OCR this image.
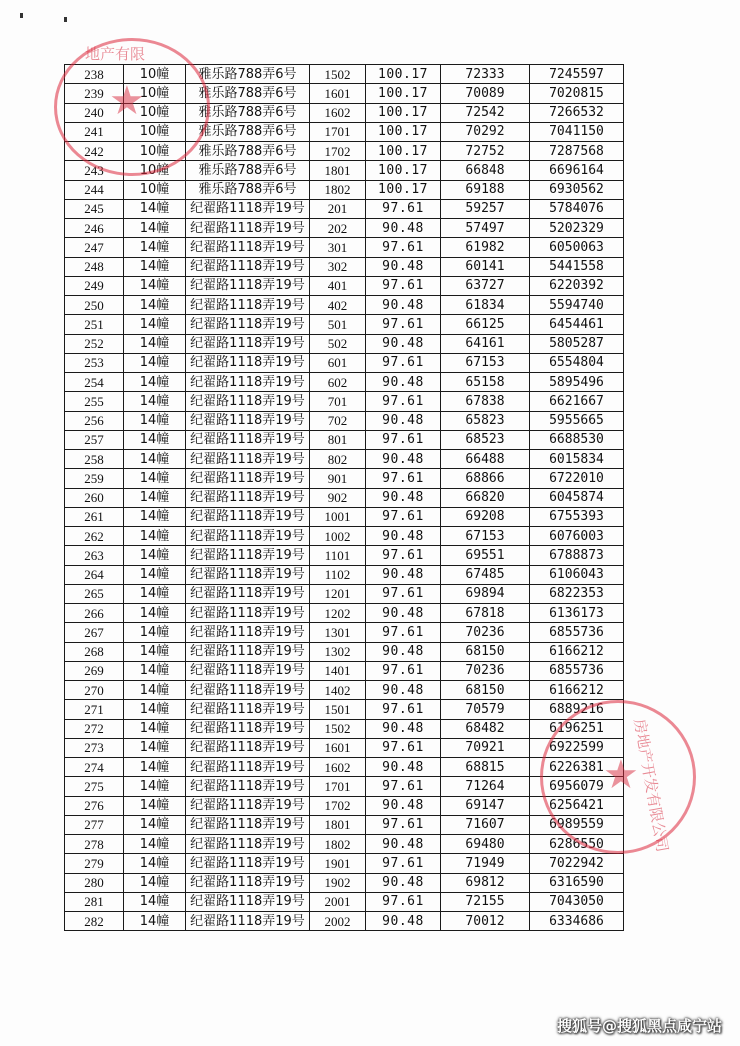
238	10幢	雅乐路788弄6号	1502	100.17	72333	7245597
239	10幢	雅乐路788弄6号	1601	100.17	70089	7020815
240	10幢	雅乐路788弄6号	1602	100.17	72542	7266532
241	10幢	雅乐路788弄6号	1701	100.17	70292	7041150
242	10幢	雅乐路788弄6号	1702	100.17	72752	7287568
243	10幢	雅乐路788弄6号	1801	100.17	66848	6696164
244	10幢	雅乐路788弄6号	1802	100.17	69188	6930562
245	14幢	纪翟路1118弄19号	201	97.61	59257	5784076
246	14幢	纪翟路1118弄19号	202	90.48	57497	5202329
247	14幢	纪翟路1118弄19号	301	97.61	61982	6050063
248	14幢	纪翟路1118弄19号	302	90.48	60141	5441558
249	14幢	纪翟路1118弄19号	401	97.61	63727	6220392
250	14幢	纪翟路1118弄19号	402	90.48	61834	5594740
251	14幢	纪翟路1118弄19号	501	97.61	66125	6454461
252	14幢	纪翟路1118弄19号	502	90.48	64161	5805287
253	14幢	纪翟路1118弄19号	601	97.61	67153	6554804
254	14幢	纪翟路1118弄19号	602	90.48	65158	5895496
255	14幢	纪翟路1118弄19号	701	97.61	67838	6621667
256	14幢	纪翟路1118弄19号	702	90.48	65823	5955665
257	14幢	纪翟路1118弄19号	801	97.61	68523	6688530
258	14幢	纪翟路1118弄19号	802	90.48	66488	6015834
259	14幢	纪翟路1118弄19号	901	97.61	68866	6722010
260	14幢	纪翟路1118弄19号	902	90.48	66820	6045874
261	14幢	纪翟路1118弄19号	1001	97.61	69208	6755393
262	14幢	纪翟路1118弄19号	1002	90.48	67153	6076003
263	14幢	纪翟路1118弄19号	1101	97.61	69551	6788873
264	14幢	纪翟路1118弄19号	1102	90.48	67485	6106043
265	14幢	纪翟路1118弄19号	1201	97.61	69894	6822353
266	14幢	纪翟路1118弄19号	1202	90.48	67818	6136173
267	14幢	纪翟路1118弄19号	1301	97.61	70236	6855736
268	14幢	纪翟路1118弄19号	1302	90.48	68150	6166212
269	14幢	纪翟路1118弄19号	1401	97.61	70236	6855736
270	14幢	纪翟路1118弄19号	1402	90.48	68150	6166212
271	14幢	纪翟路1118弄19号	1501	97.61	70579	6889216
272	14幢	纪翟路1118弄19号	1502	90.48	68482	6196251
273	14幢	纪翟路1118弄19号	1601	97.61	70921	6922599
274	14幢	纪翟路1118弄19号	1602	90.48	68815	6226381
275	14幢	纪翟路1118弄19号	1701	97.61	71264	6956079
276	14幢	纪翟路1118弄19号	1702	90.48	69147	6256421
277	14幢	纪翟路1118弄19号	1801	97.61	71607	6989559
278	14幢	纪翟路1118弄19号	1802	90.48	69480	6286550
279	14幢	纪翟路1118弄19号	1901	97.61	71949	7022942
280	14幢	纪翟路1118弄19号	1902	90.48	69812	6316590
281	14幢	纪翟路1118弄19号	2001	97.61	72155	7043050
282	14幢	纪翟路1118弄19号	2002	90.48	70012	6334686
地产有限
★
房地产开发有限公司
★
搜狐号@搜狐黑点咸宁站
